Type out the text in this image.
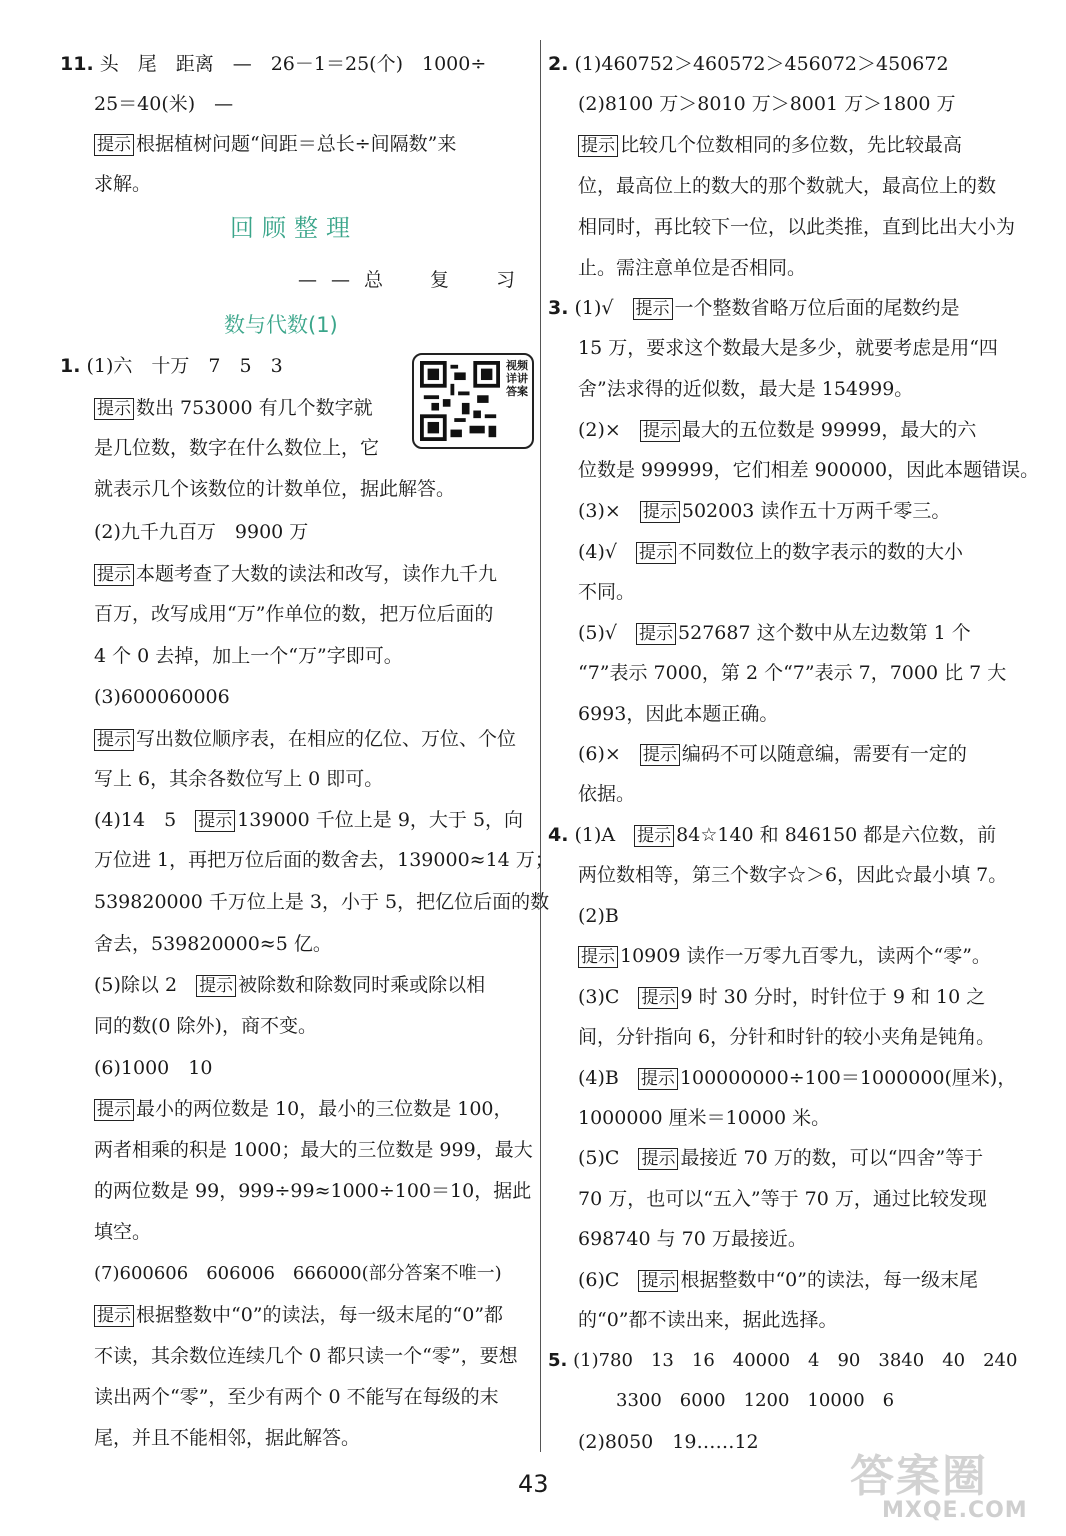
11. 头　尾　距离　—　26－1＝25(个)　1000÷
25＝40(米)　—
提示 根据植树问题“间距＝总长÷间隔数”来
求解。
回顾整理
——总　复　习
数与代数(1)
1. (1)六　十万　7　5　3
提示 数出 753000 有几个数字就
是几位数，数字在什么数位上，它
就表示几个该数位的计数单位，据此解答。
(2)九千九百万　9900 万
提示 本题考查了大数的读法和改写，读作九千九
百万，改写成用“万”作单位的数，把万位后面的
4 个 0 去掉，加上一个“万”字即可。
(3)600060006
提示 写出数位顺序表，在相应的亿位、万位、个位
写上 6，其余各数位写上 0 即可。
(4)14　5　 提示 139000 千位上是 9，大于 5，向
万位进 1，再把万位后面的数舍去，139000≈14 万；
539820000 千万位上是 3，小于 5，把亿位后面的数
舍去，539820000≈5 亿。
(5)除以 2　 提示 被除数和除数同时乘或除以相
同的数(0 除外)，商不变。
(6)1000　10
提示 最小的两位数是 10，最小的三位数是 100，
两者相乘的积是 1000；最大的三位数是 999，最大
的两位数是 99，999÷99≈1000÷100＝10，据此
填空。
(7)600606　606006　666000(部分答案不唯一)
提示 根据整数中“0”的读法，每一级末尾的“0”都
不读，其余数位连续几个 0 都只读一个“零”，要想
读出两个“零”，至少有两个 0 不能写在每级的末
尾，并且不能相邻，据此解答。
视频详讲答案
2. (1)460752＞460572＞456072＞450672
(2)8100 万＞8010 万＞8001 万＞1800 万
提示 比较几个位数相同的多位数，先比较最高
位，最高位上的数大的那个数就大，最高位上的数
相同时，再比较下一位，以此类推，直到比出大小为
止。需注意单位是否相同。
3. (1)√　 提示 一个整数省略万位后面的尾数约是
15 万，要求这个数最大是多少，就要考虑是用“四
舍”法求得的近似数，最大是 154999。
(2)×　 提示 最大的五位数是 99999，最大的六
位数是 999999，它们相差 900000，因此本题错误。
(3)×　 提示 502003 读作五十万两千零三。
(4)√　 提示 不同数位上的数字表示的数的大小
不同。
(5)√　 提示 527687 这个数中从左边数第 1 个
“7”表示 7000，第 2 个“7”表示 7，7000 比 7 大
6993，因此本题正确。
(6)×　 提示 编码不可以随意编，需要有一定的
依据。
4. (1)A　 提示 84☆140 和 846150 都是六位数，前
两位数相等，第三个数字☆＞6，因此☆最小填 7。
(2)B
提示 10909 读作一万零九百零九，读两个“零”。
(3)C　 提示 9 时 30 分时，时针位于 9 和 10 之
间，分针指向 6，分针和时针的较小夹角是钝角。
(4)B　 提示 100000000÷100＝1000000(厘米)，
1000000 厘米＝10000 米。
(5)C　 提示 最接近 70 万的数，可以“四舍”等于
70 万，也可以“五入”等于 70 万，通过比较发现
698740 与 70 万最接近。
(6)C　 提示 根据整数中“0”的读法，每一级末尾
的“0”都不读出来，据此选择。
5. (1)780　13　16　40000　4　90　3840　40　240
3300　6000　1200　10000　6
(2)8050　19……12
43	答案圈
MXQE.COM
